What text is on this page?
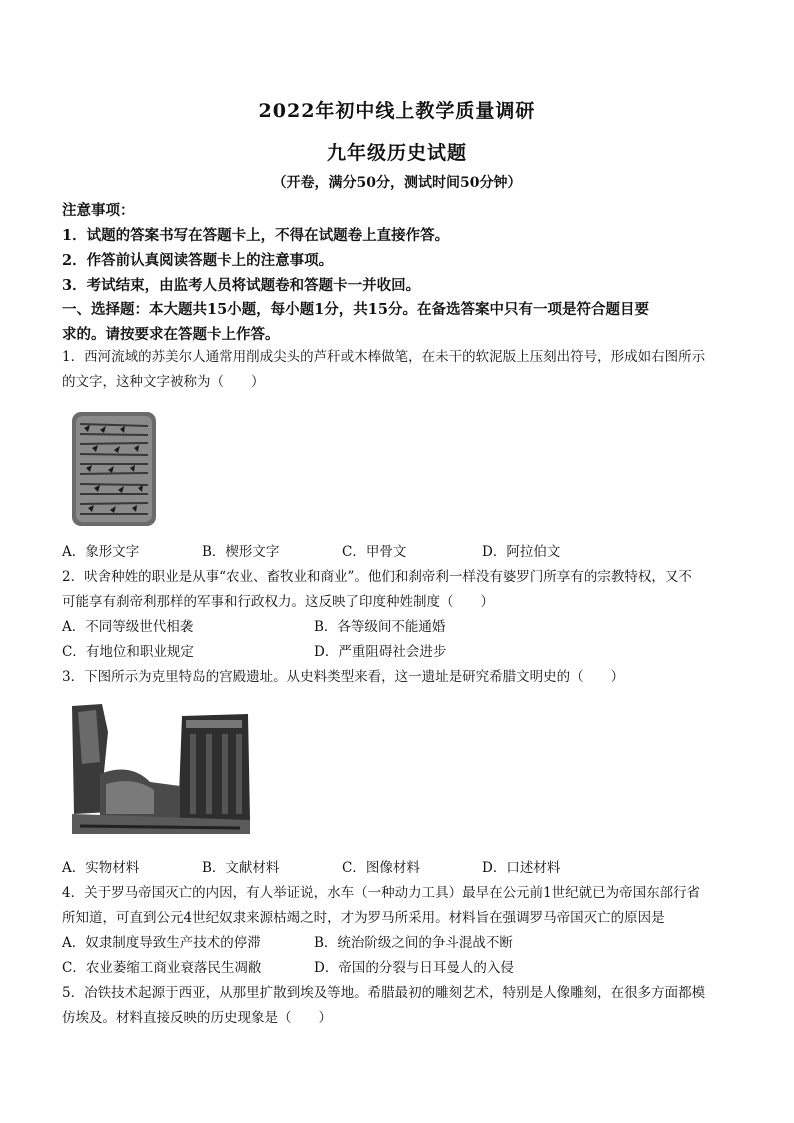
2022年初中线上教学质量调研
九年级历史试题
（开卷，满分50分，测试时间50分钟）
注意事项：
1．试题的答案书写在答题卡上，不得在试题卷上直接作答。
2．作答前认真阅读答题卡上的注意事项。
3．考试结束，由监考人员将试题卷和答题卡一并收回。
一、选择题：本大题共15小题，每小题1分，共15分。在备选答案中只有一项是符合题目要
求的。请按要求在答题卡上作答。
1．西河流域的苏美尔人通常用削成尖头的芦秆或木棒做笔，在未干的软泥版上压刻出符号，形成如右图所示
的文字，这种文字被称为（　　）
A．象形文字	B．楔形文字	C．甲骨文	D．阿拉伯文
2．吠舍种姓的职业是从事“农业、畜牧业和商业”。他们和刹帝利一样没有婆罗门所享有的宗教特权，又不
可能享有刹帝利那样的军事和行政权力。这反映了印度种姓制度（　　）
A．不同等级世代相袭	B．各等级间不能通婚
C．有地位和职业规定	D．严重阻碍社会进步
3．下图所示为克里特岛的宫殿遗址。从史料类型来看，这一遗址是研究希腊文明史的（　　）
A．实物材料	B．文献材料	C．图像材料	D．口述材料
4．关于罗马帝国灭亡的内因，有人举证说，水车（一种动力工具）最早在公元前1世纪就已为帝国东部行省
所知道，可直到公元4世纪奴隶来源枯竭之时，才为罗马所采用。材料旨在强调罗马帝国灭亡的原因是
A．奴隶制度导致生产技术的停滞	B．统治阶级之间的争斗混战不断
C．农业萎缩工商业衰落民生凋敝	D．帝国的分裂与日耳曼人的入侵
5．冶铁技术起源于西亚，从那里扩散到埃及等地。希腊最初的雕刻艺术，特别是人像雕刻，在很多方面都模
仿埃及。材料直接反映的历史现象是（　　）
